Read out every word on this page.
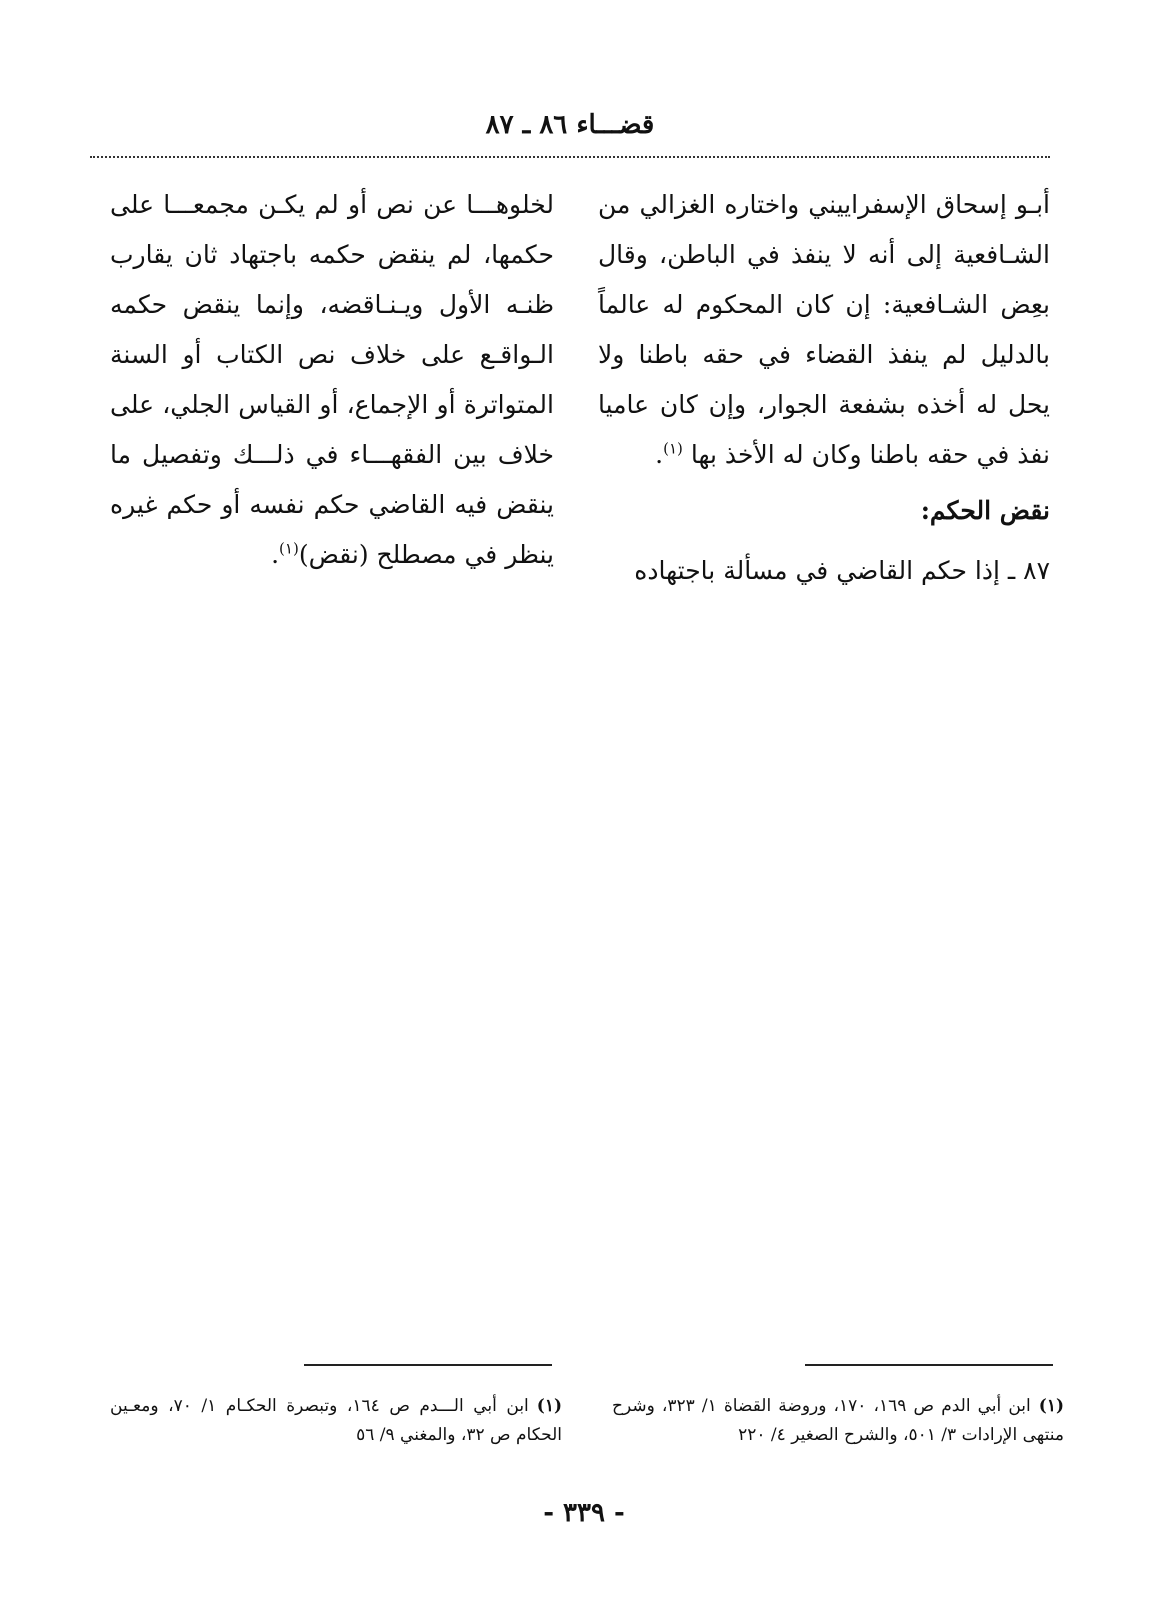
قضـــاء ٨٦ ـ ٨٧

أبـو إسحاق الإسفراييني واختاره الغزالي من الشـافعية إلى أنه لا ينفذ في الباطن، وقال بعِض الشـافعية: إن كان المحكوم له عالماً بالدليل لم ينفذ القضاء في حقه باطنا ولا يحل له أخذه بشفعة الجوار، وإن كان عاميا نفذ في حقه باطنا وكان له الأخذ بها $^{(١)}$.

نقض الحكم:

٨٧ ـ إذا حكم القاضي في مسألة باجتهاده

لخلوهـــا عن نص أو لم يكـن مجمعـــا على حكمها، لم ينقض حكمه باجتهاد ثان يقارب ظنـه الأول ويـنـاقضه، وإنما ينقض حكمه الـواقـع على خلاف نص الكتاب أو السنة المتواترة أو الإجماع، أو القياس الجلي، على خلاف بين الفقهـــاء في ذلـــك وتفصيل ما ينقض فيه القاضي حكم نفسه أو حكم غيره ينظر في مصطلح (نقض)$^{(١)}$.

(١)ابن أبي الدم ص ١٦٩، ١٧٠، وروضة القضاة ١/ ٣٢٣، وشرح منتهى الإرادات ٣/ ٥٠١، والشرح الصغير ٤/ ٢٢٠
(١)ابن أبي الـــدم ص ١٦٤، وتبصرة الحكـام ١/ ٧٠، ومعـين الحكام ص ٣٢، والمغني ٩/ ٥٦
- ٣٣٩ -
